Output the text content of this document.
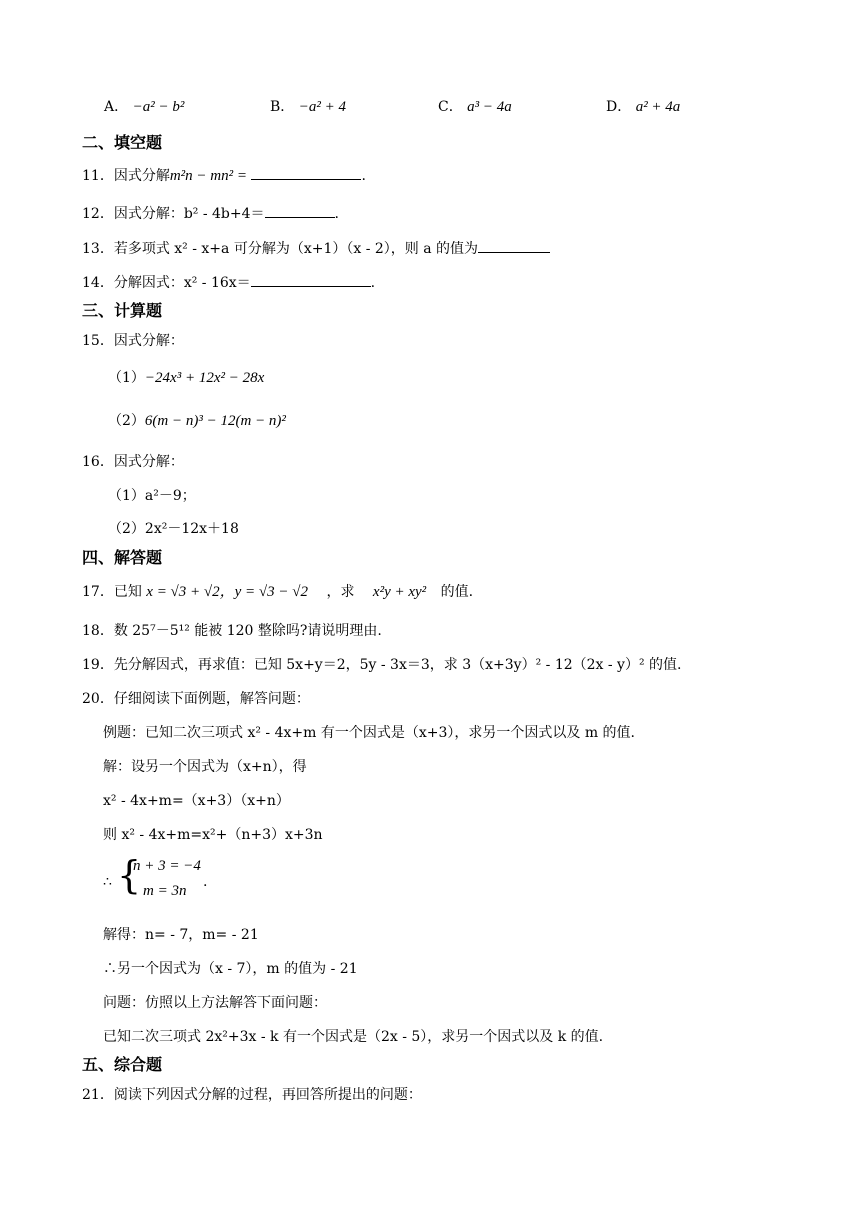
A． −a² − b²	B． −a² + 4	C． a³ − 4a	D． a² + 4a
二、填空题
11．因式分解m²n − mn² =	.
12．因式分解：b² - 4b+4＝	.
13．若多项式 x² - x+a 可分解为（x+1）（x - 2），则 a 的值为
14．分解因式：x² - 16x＝	.
三、计算题
15．因式分解：
（1）−24x³ + 12x² − 28x
（2）6(m − n)³ − 12(m − n)²
16．因式分解：
（1）a²－9；
（2）2x²－12x＋18
四、解答题
17．已知 x = √3 + √2，y = √3 − √2 ，求 x²y + xy² 的值.
18．数 25⁷－5¹² 能被 120 整除吗?请说明理由.
19．先分解因式，再求值：已知 5x+y＝2，5y - 3x＝3，求 3（x+3y）² - 12（2x - y）² 的值.
20．仔细阅读下面例题，解答问题：
例题：已知二次三项式 x² - 4x+m 有一个因式是（x+3），求另一个因式以及 m 的值.
解：设另一个因式为（x+n），得
x² - 4x+m=（x+3）（x+n）
则 x² - 4x+m=x²+（n+3）x+3n
∴ {
n + 3 = −4
m = 3n
.
解得：n= - 7，m= - 21
∴另一个因式为（x - 7），m 的值为 - 21
问题：仿照以上方法解答下面问题：
已知二次三项式 2x²+3x - k 有一个因式是（2x - 5），求另一个因式以及 k 的值.
五、综合题
21．阅读下列因式分解的过程，再回答所提出的问题：
